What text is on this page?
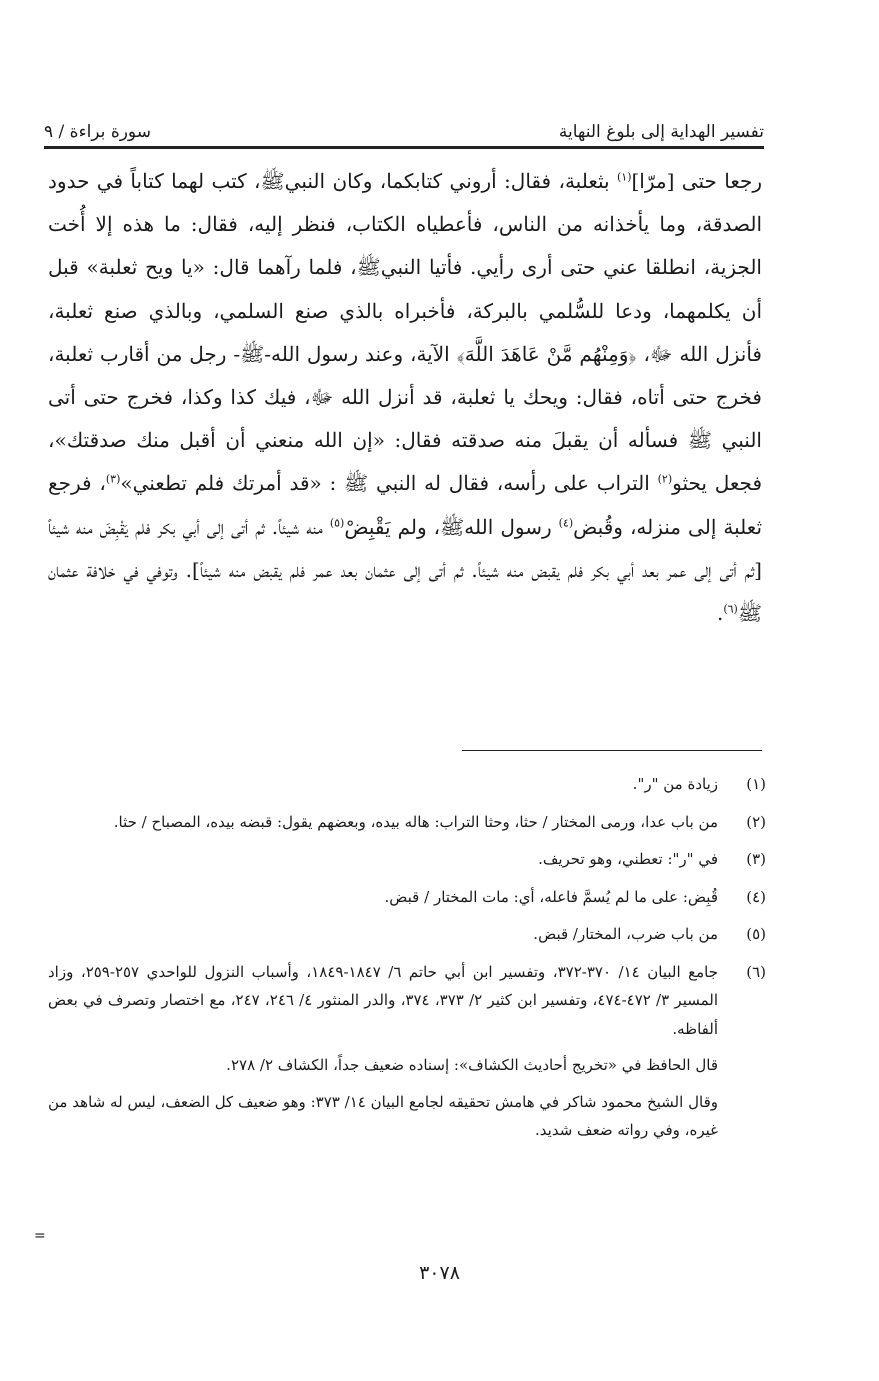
تفسير الهداية إلى بلوغ النهاية
سورة براءة / ٩

رجعا حتى [مرّا]$^{(١)}$ بثعلبة، فقال: أروني كتابكما، وكان النبيﷺ، كتب لهما كتاباً في حدود الصدقة، وما يأخذانه من الناس، فأعطياه الكتاب، فنظر إليه، فقال: ما هذه إلا أُخت الجزية، انطلقا عني حتى أرى رأيي. فأتيا النبيﷺ، فلما رآهما قال: «يا ويح ثعلبة» قبل أن يكلمهما، ودعا للسُّلمي بالبركة، فأخبراه بالذي صنع السلمي، وبالذي صنع ثعلبة، فأنزل الله ﷻ، ﴿وَمِنْهُم مَّنْ عَاهَدَ اللَّهَ﴾ الآية، وعند رسول الله-ﷺ- رجل من أقارب ثعلبة، فخرج حتى أتاه، فقال: ويحك يا ثعلبة، قد أنزل الله ﷻ، فيك كذا وكذا، فخرج حتى أتى النبي ﷺ فسأله أن يقبلَ منه صدقته فقال: «إن الله منعني أن أقبل منك صدقتك»، فجعل يحثو$^{(٢)}$ التراب على رأسه، فقال له النبي ﷺ : «قد أمرتك فلم تطعني»$^{(٣)}$، فرجع ثعلبة إلى منزله، وقُبض$^{(٤)}$ رسول اللهﷺ، ولم يَقْبِضْ$^{(٥)}$ منه شيئاً. ثم أتى إلى أبي بكر فلم يَقْبِضَ منه شيئاً [ثم أتى إلى عمر بعد أبي بكر فلم يقبض منه شيئاً. ثم أتى إلى عثمان بعد عمر فلم يقبض منه شيئاً]. وتوفي في خلافة عثمان ﷺ$^{(٦)}$.

(١)

زيادة من "ر".

(٢)

من باب عدا، ورمى المختار / حثا، وحثا التراب: هاله بيده، وبعضهم يقول: قبضه بيده، المصباح / حثا.

(٣)

في "ر": تعطني، وهو تحريف.

(٤)

قُبِض: على ما لم يُسمَّ فاعله، أي: مات المختار / قبض.

(٥)

من باب ضرب، المختار/ قبض.

(٦)

جامع البيان ١٤/ ٣٧٠-٣٧٢، وتفسير ابن أبي حاتم ٦/ ١٨٤٧-١٨٤٩، وأسباب النزول للواحدي ٢٥٧-٢٥٩، وزاد المسير ٣/ ٤٧٢-٤٧٤، وتفسير ابن كثير ٢/ ٣٧٣، ٣٧٤، والدر المنثور ٤/ ٢٤٦، ٢٤٧، مع اختصار وتصرف في بعض ألفاظه.

قال الحافظ في «تخريج أحاديث الكشاف»: إسناده ضعيف جداً، الكشاف ٢/ ٢٧٨.

وقال الشيخ محمود شاكر في هامش تحقيقه لجامع البيان ١٤/ ٣٧٣: وهو ضعيف كل الضعف، ليس له شاهد من غيره، وفي رواته ضعف شديد.

=
٣٠٧٨
